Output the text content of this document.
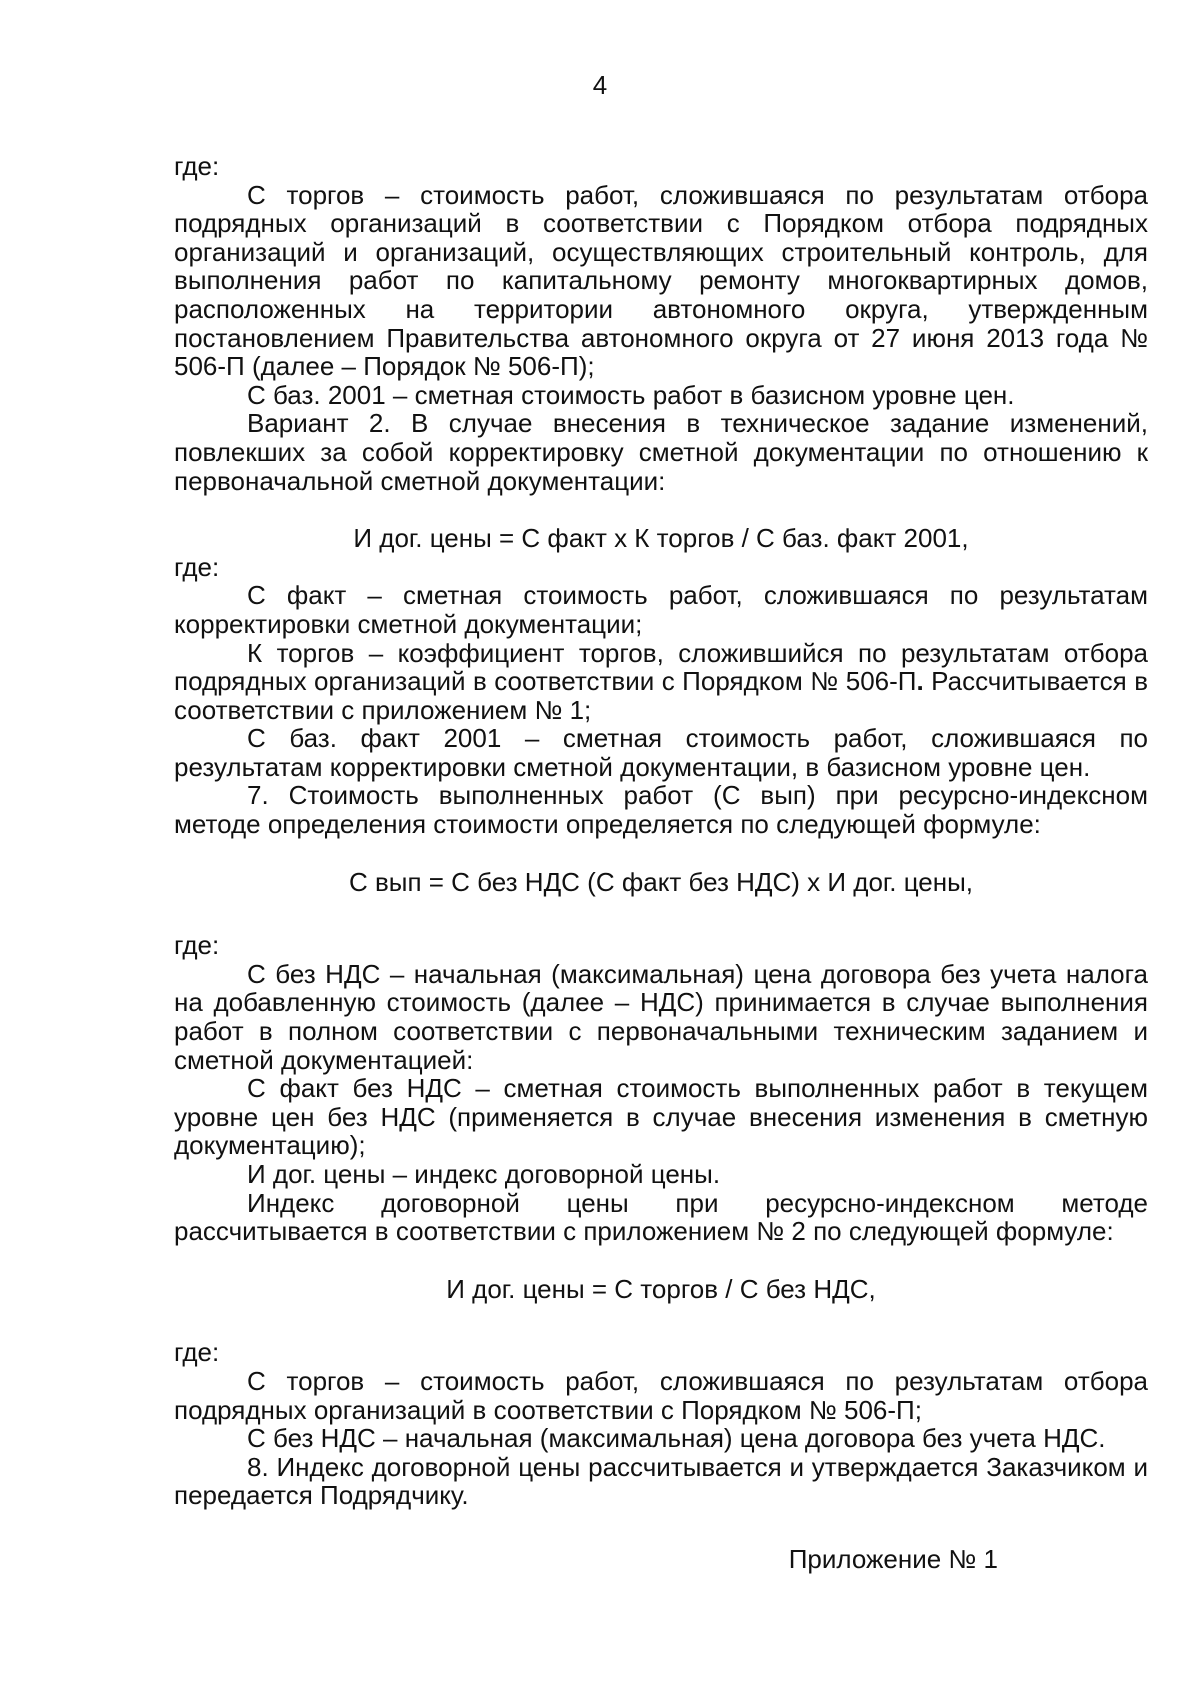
4

где:

С торгов – стоимость работ, сложившаяся по результатам отбора подрядных организаций в соответствии с Порядком отбора подрядных организаций и организаций, осуществляющих строительный контроль, для выполнения работ по капитальному ремонту многоквартирных домов, расположенных на территории автономного округа, утвержденным постановлением Правительства автономного округа от 27 июня 2013 года № 506-П (далее – Порядок № 506-П);

С баз. 2001 – сметная стоимость работ в базисном уровне цен.

Вариант 2. В случае внесения в техническое задание изменений, повлекших за собой корректировку сметной документации по отношению к первоначальной сметной документации:

И дог. цены = С факт х К торгов / С баз. факт 2001,

где:

С факт – сметная стоимость работ, сложившаяся по результатам корректировки сметной документации;

К торгов – коэффициент торгов, сложившийся по результатам отбора подрядных организаций в соответствии с Порядком № 506-П. Рассчитывается в соответствии с приложением № 1;

С баз. факт 2001 – сметная стоимость работ, сложившаяся по результатам корректировки сметной документации, в базисном уровне цен.

7. Стоимость выполненных работ (С вып) при ресурсно-индексном методе определения стоимости определяется по следующей формуле:

С вып = С без НДС (С факт без НДС) х И дог. цены,

где:

С без НДС – начальная (максимальная) цена договора без учета налога на добавленную стоимость (далее – НДС) принимается в случае выполнения работ в полном соответствии с первоначальными техническим заданием и сметной документацией:

С факт без НДС – сметная стоимость выполненных работ в текущем уровне цен без НДС (применяется в случае внесения изменения в сметную документацию);

И дог. цены – индекс договорной цены.

Индекс договорной цены при ресурсно-индексном методе рассчитывается в соответствии с приложением № 2 по следующей формуле:

И дог. цены = С торгов / С без НДС,

где:

С торгов – стоимость работ, сложившаяся по результатам отбора подрядных организаций в соответствии с Порядком № 506-П;

С без НДС – начальная (максимальная) цена договора без учета НДС.

8. Индекс договорной цены рассчитывается и утверждается Заказчиком и передается Подрядчику.

Приложение № 1
